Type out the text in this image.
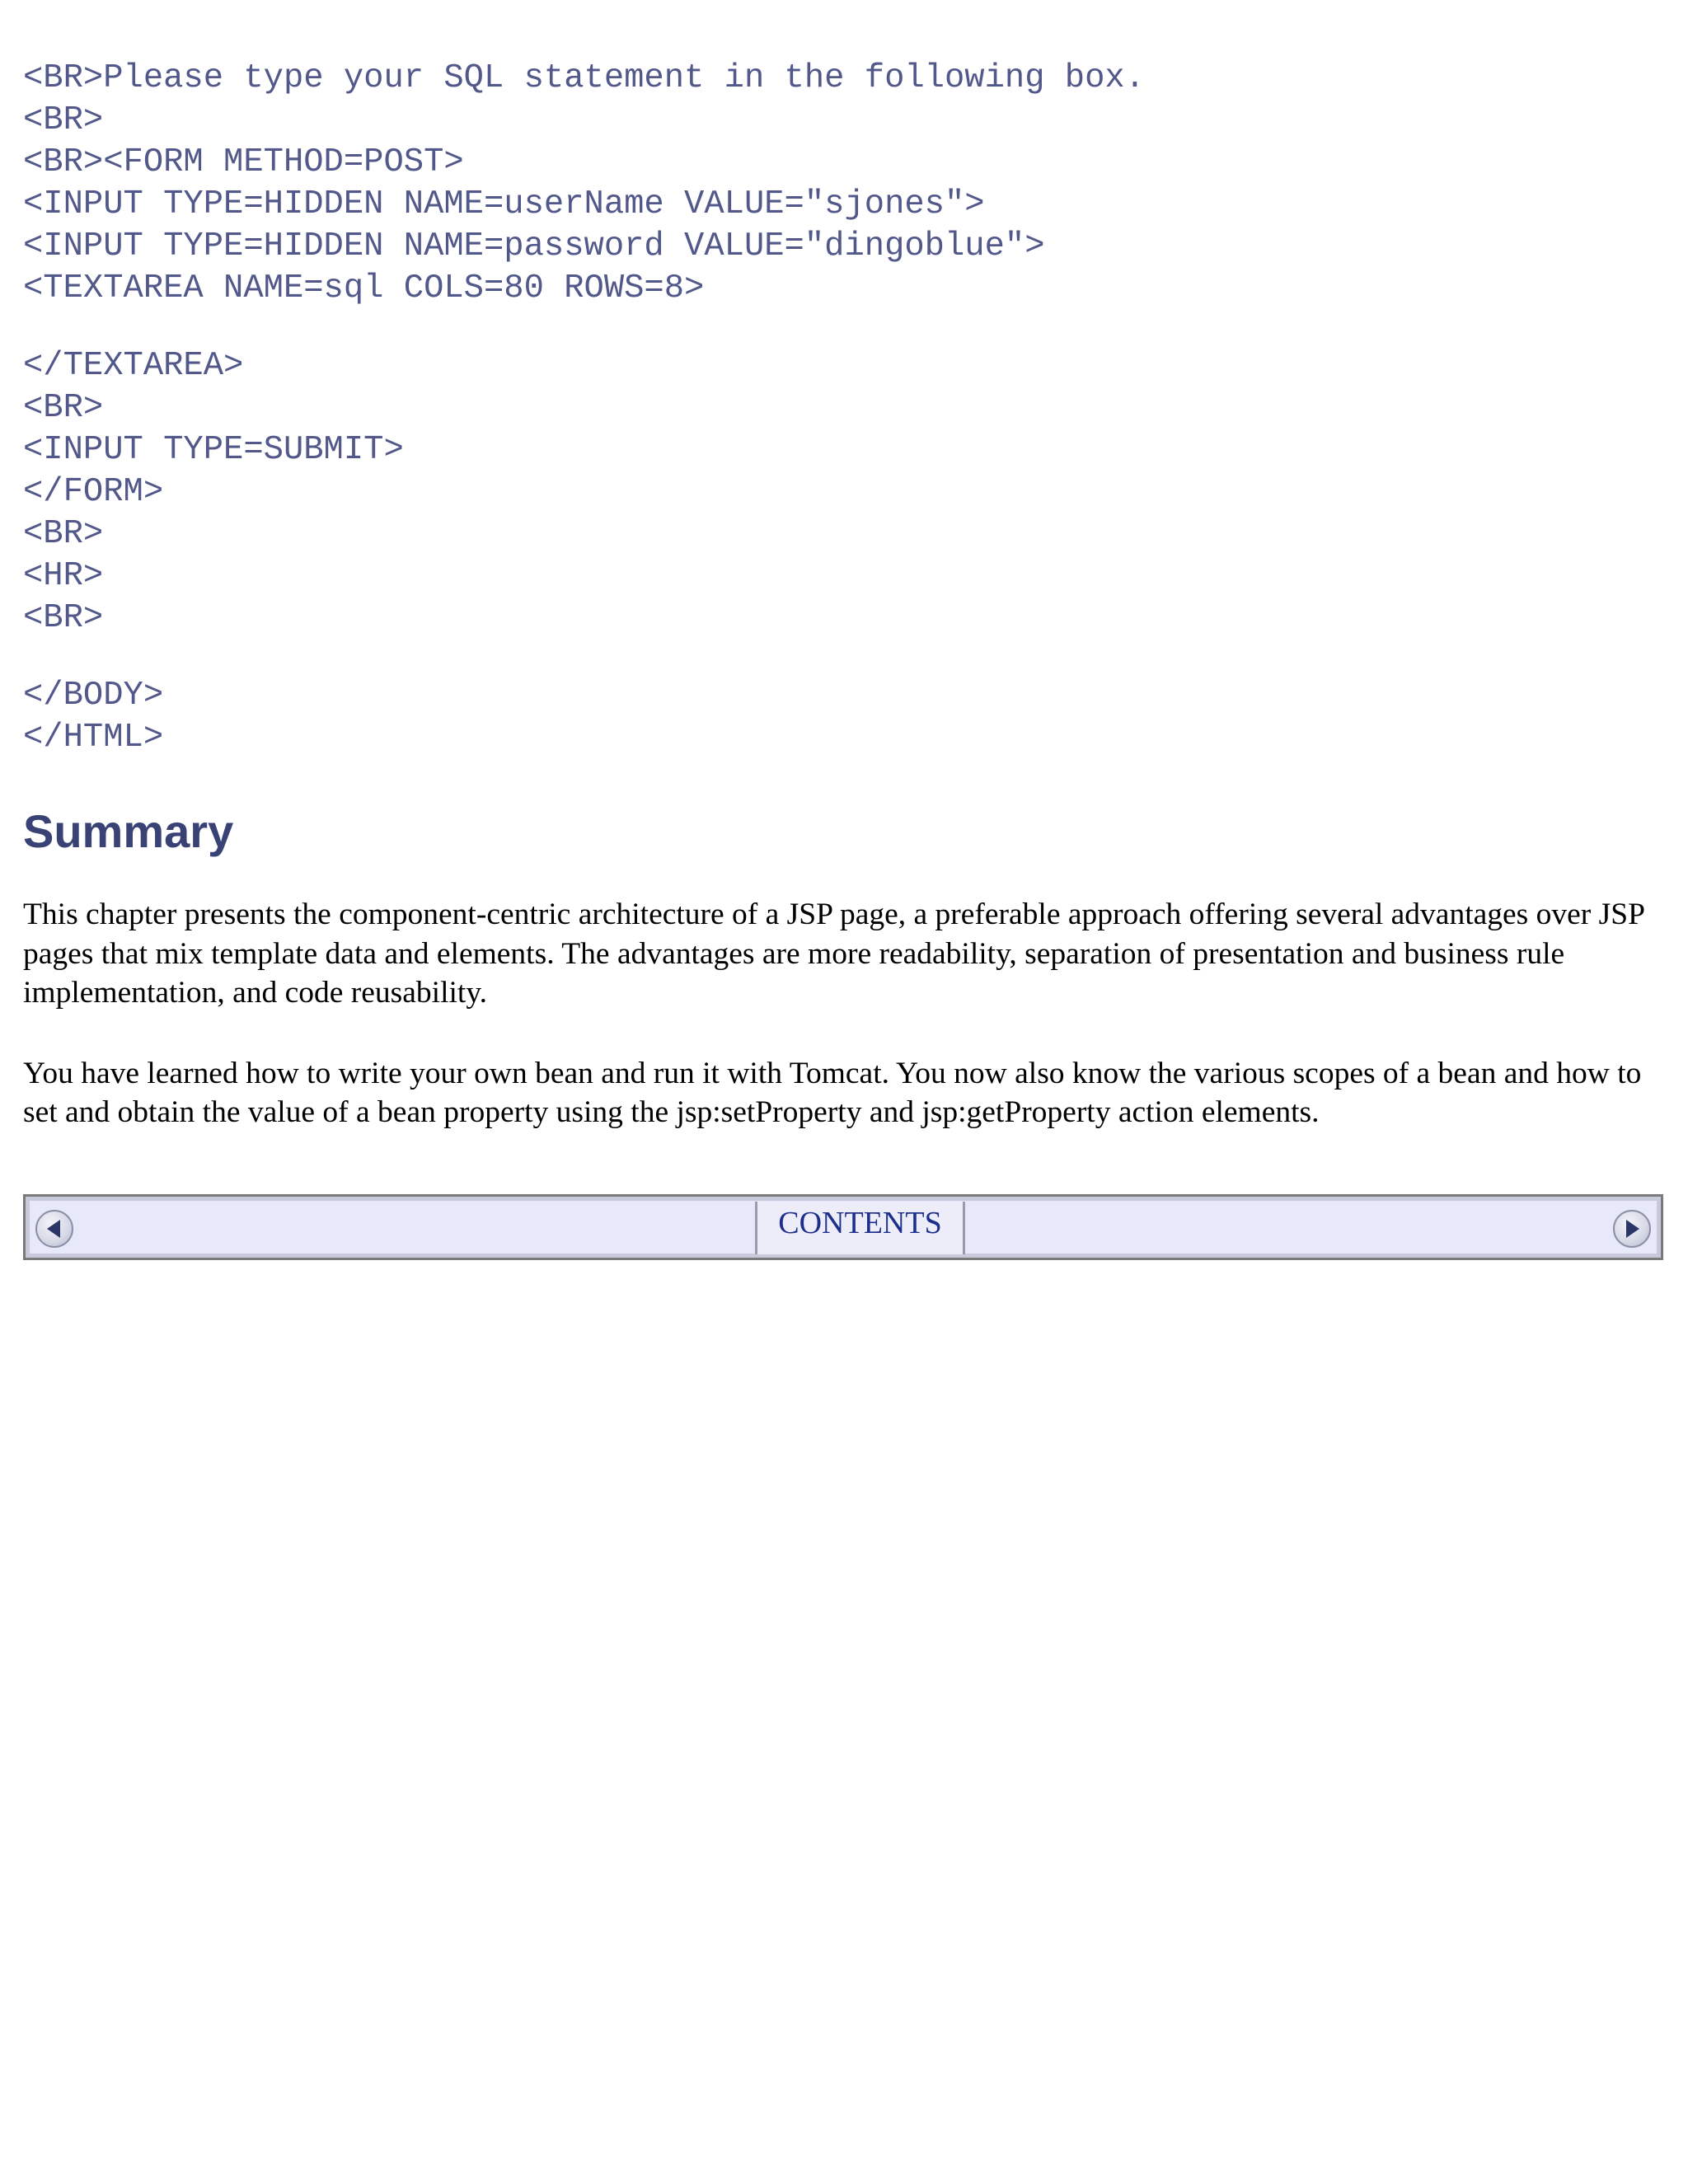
<BR>Please type your SQL statement in the following box.
<BR>
<BR><FORM METHOD=POST>
<INPUT TYPE=HIDDEN NAME=userName VALUE="sjones">
<INPUT TYPE=HIDDEN NAME=password VALUE="dingoblue">
<TEXTAREA NAME=sql COLS=80 ROWS=8>
</TEXTAREA>
<BR>
<INPUT TYPE=SUBMIT>
</FORM>
<BR>
<HR>
<BR>
</BODY>
</HTML>
Summary

This chapter presents the component-centric architecture of a JSP page, a preferable approach offering several advantages over JSP pages that mix template data and elements. The advantages are more readability, separation of presentation and business rule implementation, and code reusability.

You have learned how to write your own bean and run it with Tomcat. You now also know the various scopes of a bean and how to set and obtain the value of a bean property using the jsp:setProperty and jsp:getProperty action elements.

CONTENTS
